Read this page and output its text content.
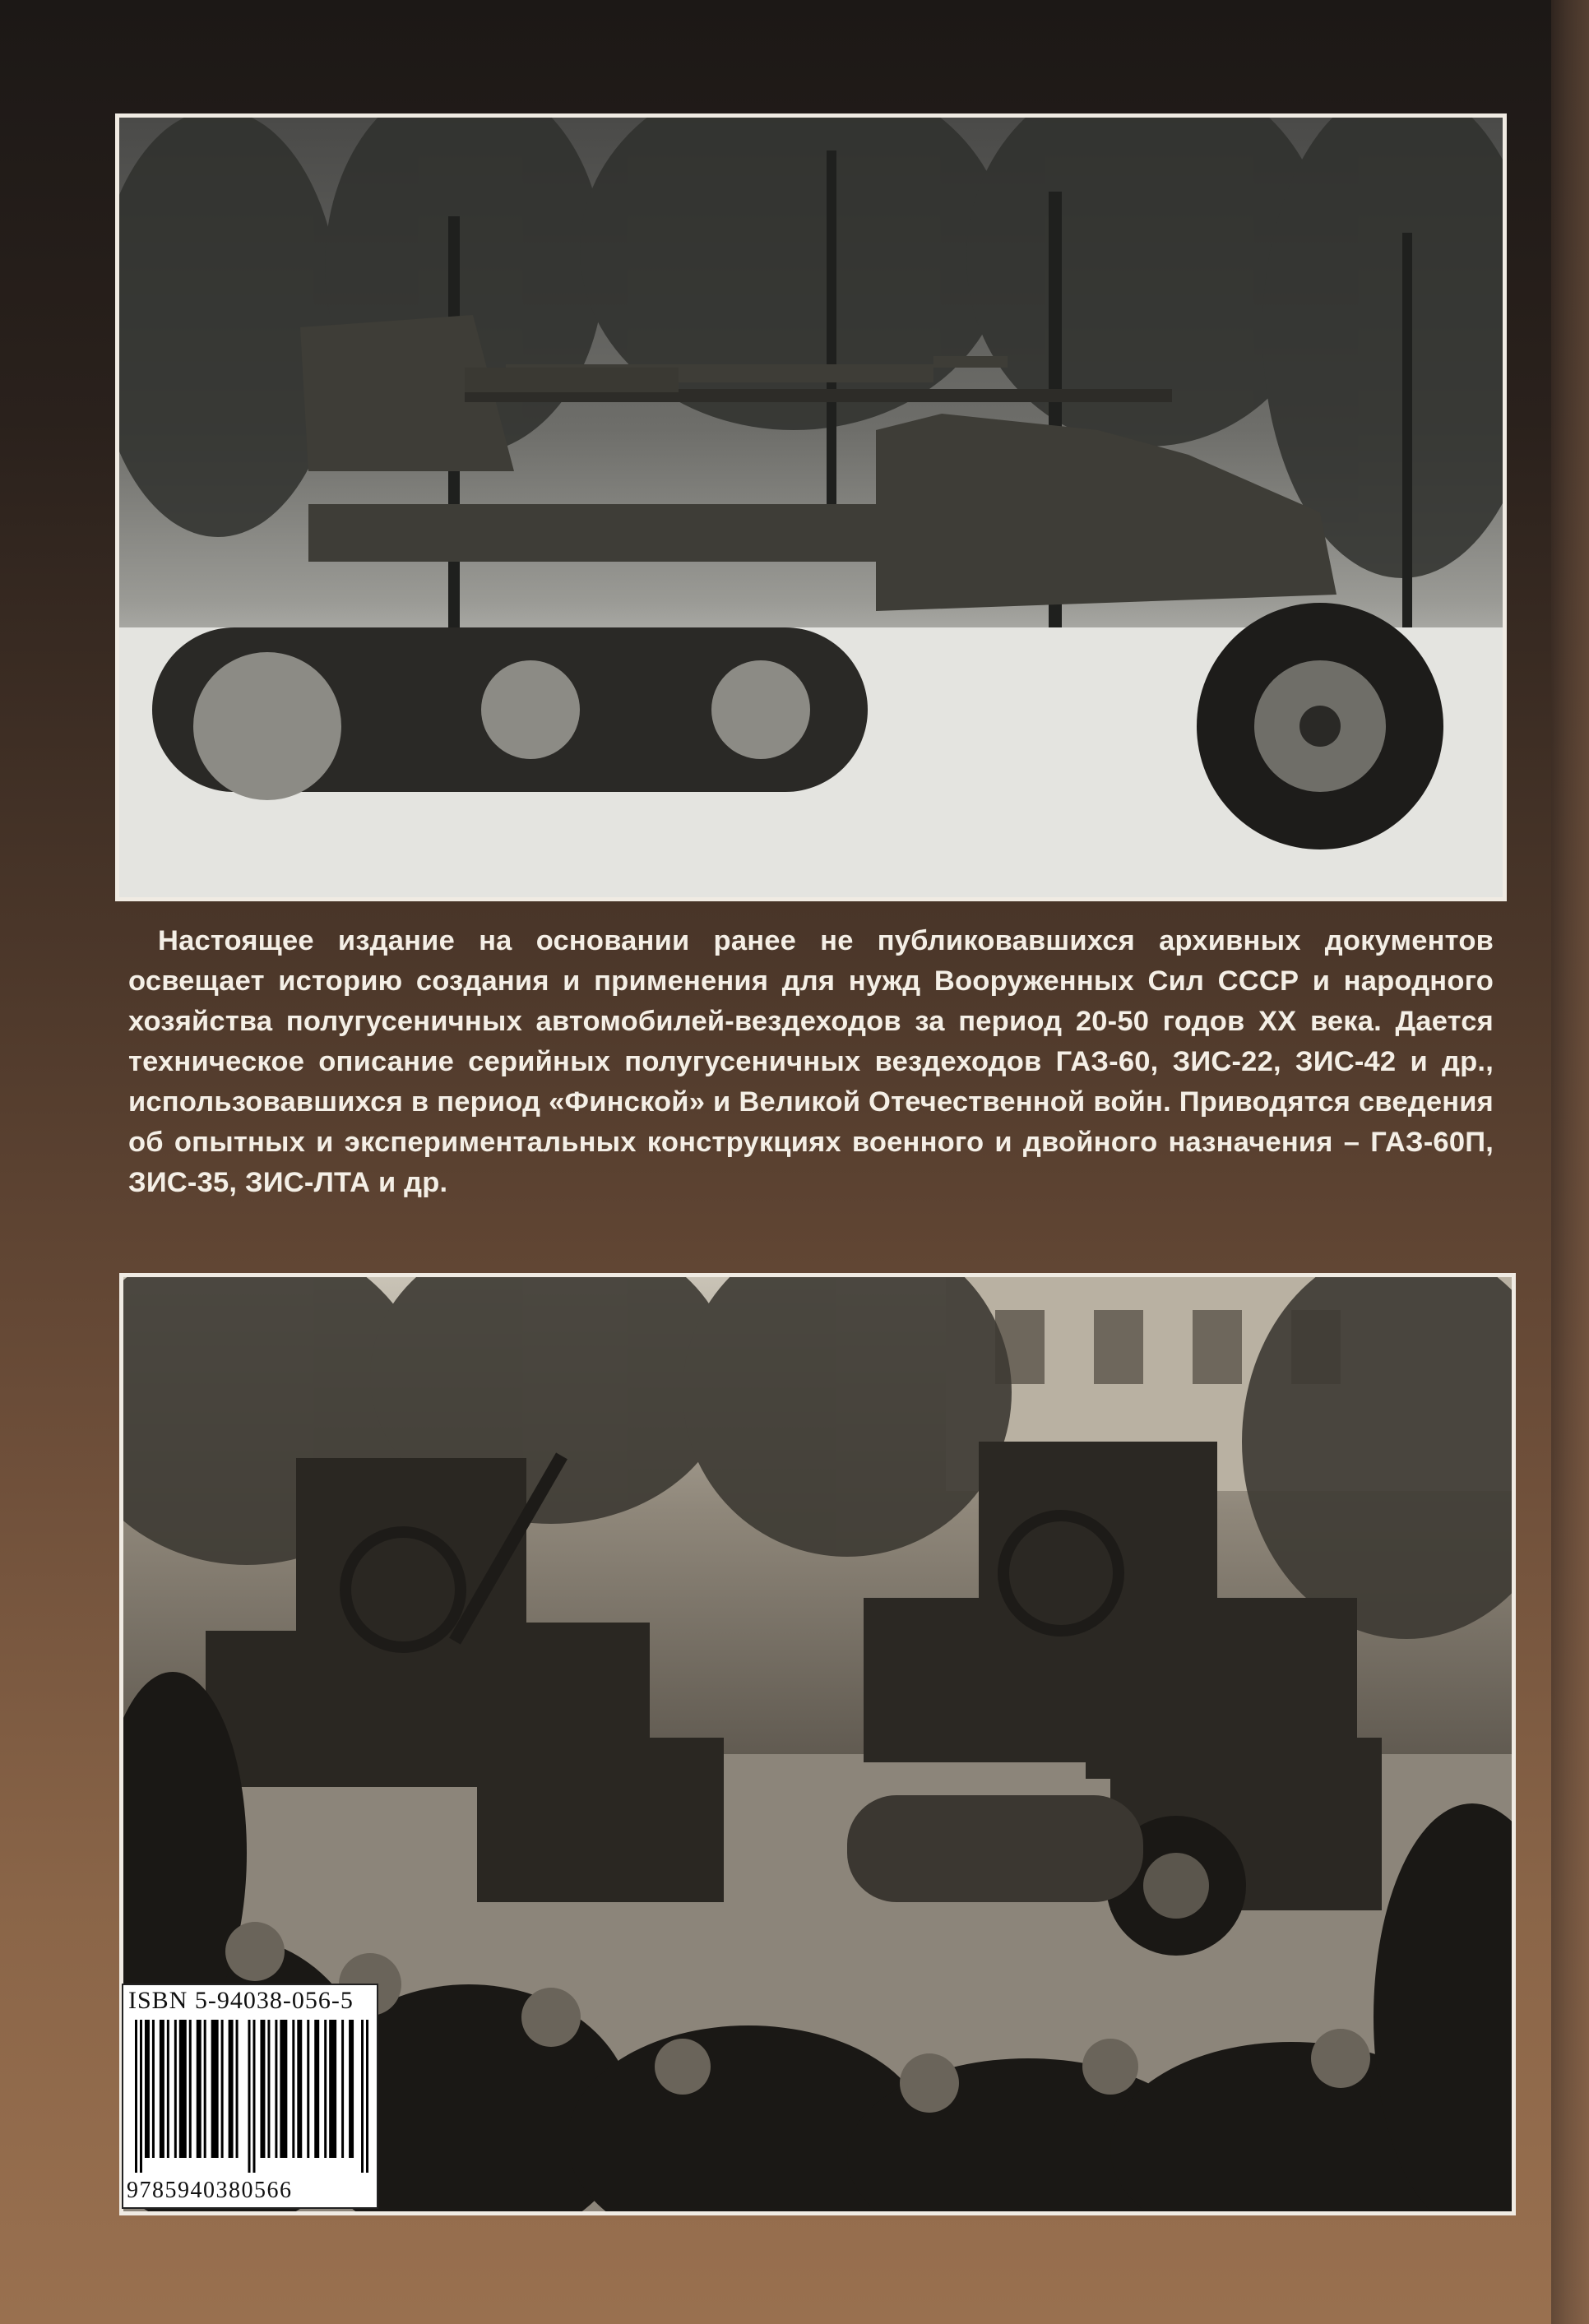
Настоящее издание на основании ранее не публиковавшихся архивных документов освещает историю создания и применения для нужд Вооруженных Сил СССР и народного хозяйства полугусеничных автомобилей-вездеходов за период 20-50 годов XX века. Дается техническое описание серийных полугусеничных вездеходов ГАЗ-60, ЗИС-22, ЗИС-42 и др., использовавшихся в период «Финской» и Великой Отечественной войн. Приводятся сведения об опытных и экспериментальных конструкциях военного и двойного назначения – ГАЗ-60П, ЗИС-35, ЗИС-ЛТА и др.
ISBN 5-94038-056-5
9785940380566
